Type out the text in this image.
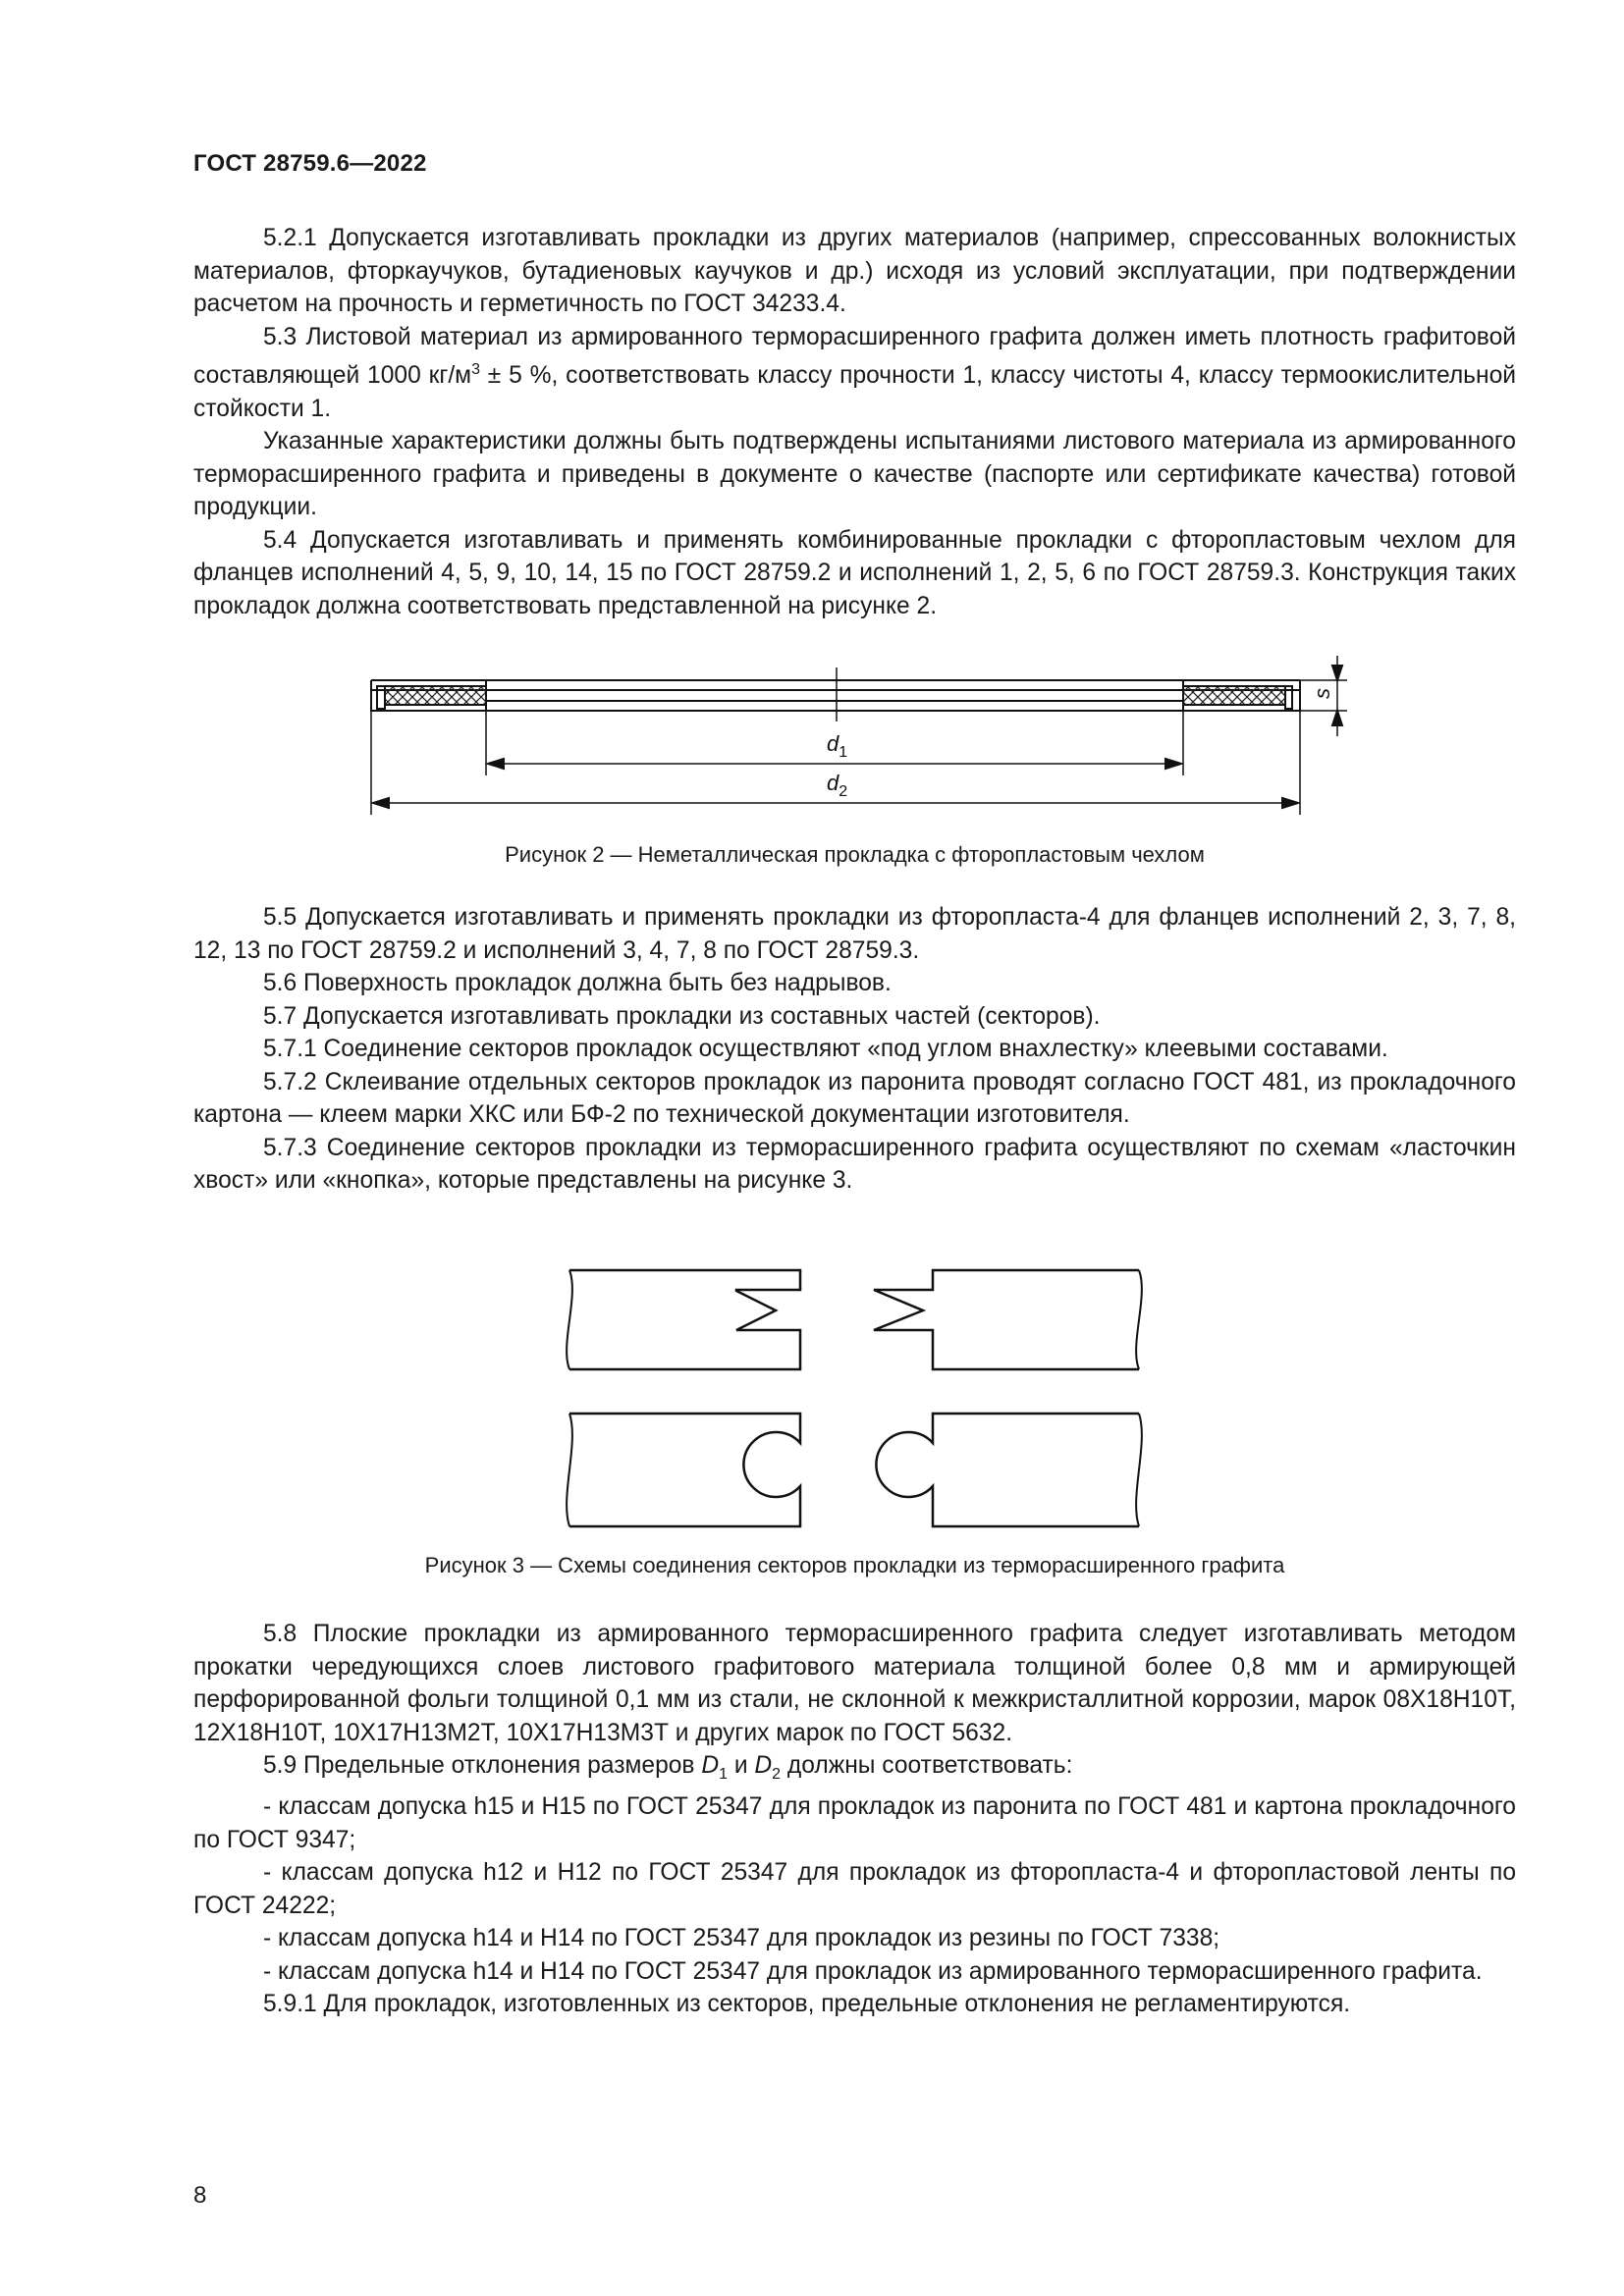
ГОСТ 28759.6—2022

5.2.1 Допускается изготавливать прокладки из других материалов (например, спрессованных волокнистых материалов, фторкаучуков, бутадиеновых каучуков и др.) исходя из условий эксплуатации, при подтверждении расчетом на прочность и герметичность по ГОСТ 34233.4.

5.3 Листовой материал из армированного терморасширенного графита должен иметь плотность графитовой составляющей 1000 $кг/м^3 \pm 5$ %, соответствовать классу прочности 1, классу чистоты 4, классу термоокислительной стойкости 1.

Указанные характеристики должны быть подтверждены испытаниями листового материала из армированного терморасширенного графита и приведены в документе о качестве (паспорте или сертификате качества) готовой продукции.

5.4 Допускается изготавливать и применять комбинированные прокладки с фторопластовым чехлом для фланцев исполнений 4, 5, 9, 10, 14, 15 по ГОСТ 28759.2 и исполнений 1, 2, 5, 6 по ГОСТ 28759.3. Конструкция таких прокладок должна соответствовать представленной на рисунке 2.

$d_1$
$d_2$
s
Рисунок 2 — Неметаллическая прокладка с фторопластовым чехлом

5.5 Допускается изготавливать и применять прокладки из фторопласта-4 для фланцев исполнений 2, 3, 7, 8, 12, 13 по ГОСТ 28759.2 и исполнений 3, 4, 7, 8 по ГОСТ 28759.3.

5.6 Поверхность прокладок должна быть без надрывов.

5.7 Допускается изготавливать прокладки из составных частей (секторов).

5.7.1 Соединение секторов прокладок осуществляют «под углом внахлестку» клеевыми составами.

5.7.2 Склеивание отдельных секторов прокладок из паронита проводят согласно ГОСТ 481, из прокладочного картона — клеем марки ХКС или БФ-2 по технической документации изготовителя.

5.7.3 Соединение секторов прокладки из терморасширенного графита осуществляют по схемам «ласточкин хвост» или «кнопка», которые представлены на рисунке 3.

Рисунок 3 — Схемы соединения секторов прокладки из терморасширенного графита

5.8 Плоские прокладки из армированного терморасширенного графита следует изготавливать методом прокатки чередующихся слоев листового графитового материала толщиной более 0,8 мм и армирующей перфорированной фольги толщиной 0,1 мм из стали, не склонной к межкристаллитной коррозии, марок 08Х18Н10Т, 12Х18Н10Т, 10Х17Н13М2Т, 10Х17Н13М3Т и других марок по ГОСТ 5632.

5.9 Предельные отклонения размеров $D_1$ и $D_2$ должны соответствовать:

- классам допуска h15 и H15 по ГОСТ 25347 для прокладок из паронита по ГОСТ 481 и картона прокладочного по ГОСТ 9347;

- классам допуска h12 и H12 по ГОСТ 25347 для прокладок из фторопласта-4 и фторопластовой ленты по ГОСТ 24222;

- классам допуска h14 и H14 по ГОСТ 25347 для прокладок из резины по ГОСТ 7338;

- классам допуска h14 и H14 по ГОСТ 25347 для прокладок из армированного терморасширенного графита.

5.9.1 Для прокладок, изготовленных из секторов, предельные отклонения не регламентируются.

8
